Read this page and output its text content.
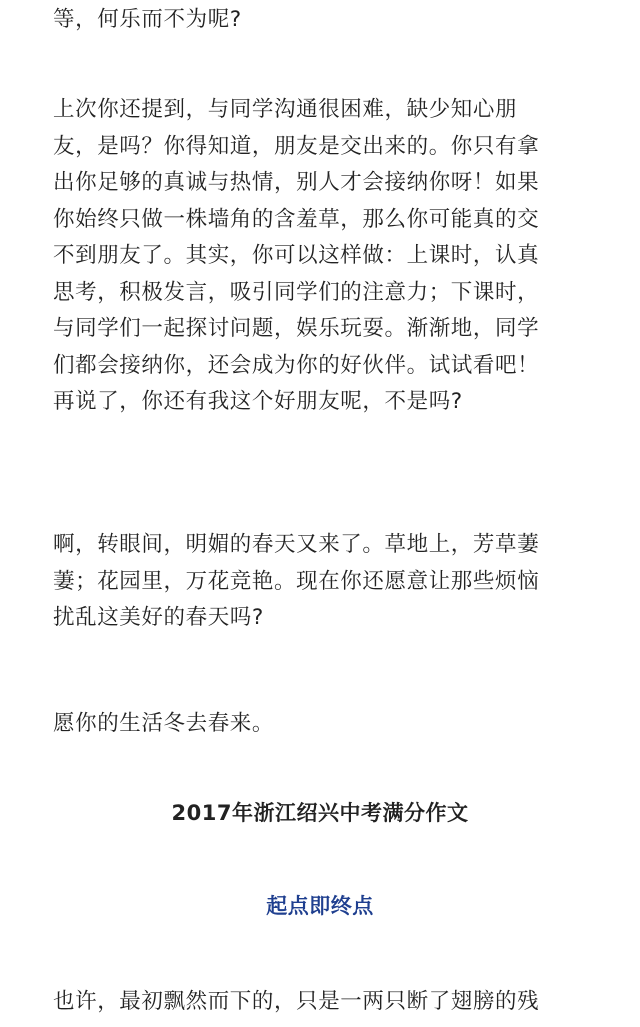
等，何乐而不为呢?

上次你还提到，与同学沟通很困难，缺少知心朋
友，是吗？你得知道，朋友是交出来的。你只有拿
出你足够的真诚与热情，别人才会接纳你呀！如果
你始终只做一株墙角的含羞草，那么你可能真的交
不到朋友了。其实，你可以这样做：上课时，认真
思考，积极发言，吸引同学们的注意力；下课时，
与同学们一起探讨问题，娱乐玩耍。渐渐地，同学
们都会接纳你，还会成为你的好伙伴。试试看吧！
再说了，你还有我这个好朋友呢，不是吗?

啊，转眼间，明媚的春天又来了。草地上，芳草萋
萋；花园里，万花竞艳。现在你还愿意让那些烦恼
扰乱这美好的春天吗?

愿你的生活冬去春来。

2017年浙江绍兴中考满分作文
起点即终点

也许，最初飘然而下的，只是一两只断了翅膀的残
